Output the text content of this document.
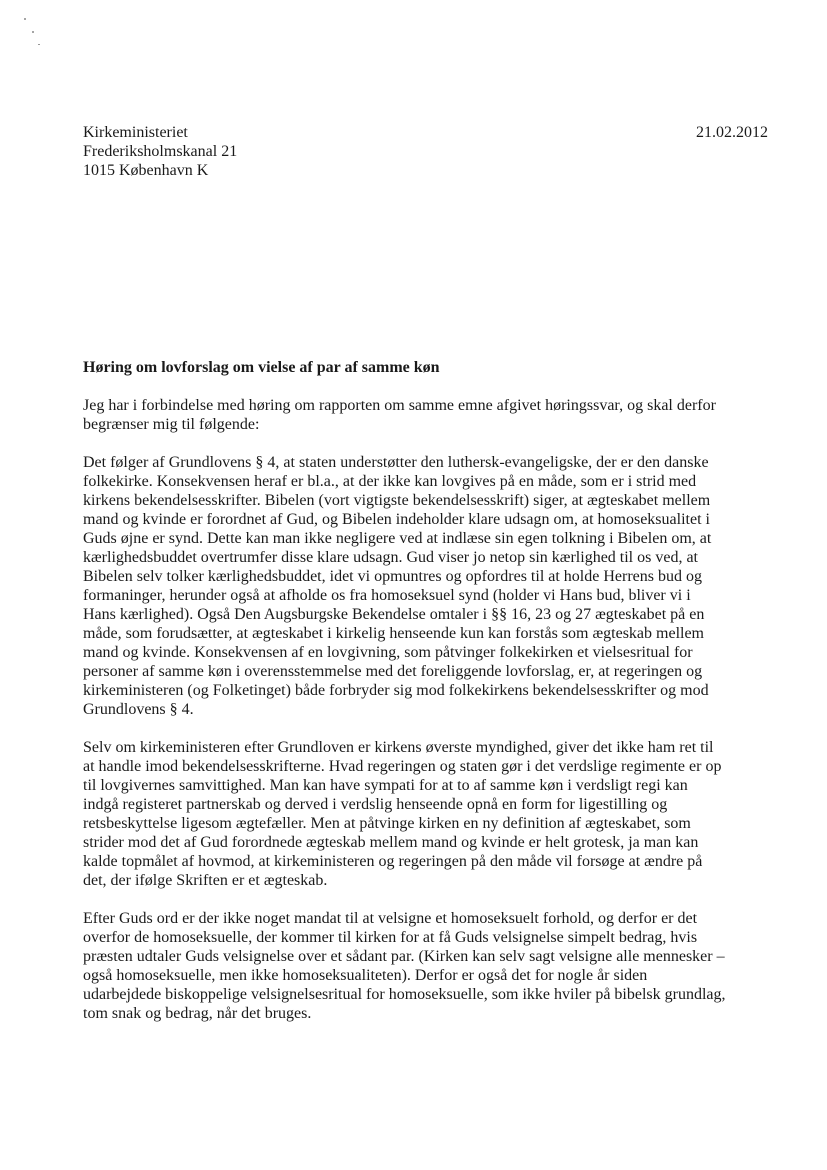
Kirkeministeriet
Frederiksholmskanal 21
1015 København K
21.02.2012
Høring om lovforslag om vielse af par af samme køn
Jeg har i forbindelse med høring om rapporten om samme emne afgivet høringssvar, og skal derfor
begrænser mig til følgende:
Det følger af Grundlovens § 4, at staten understøtter den luthersk-evangeligske, der er den danske
folkekirke. Konsekvensen heraf er bl.a., at der ikke kan lovgives på en måde, som er i strid med
kirkens bekendelsesskrifter. Bibelen (vort vigtigste bekendelsesskrift) siger, at ægteskabet mellem
mand og kvinde er forordnet af Gud, og Bibelen indeholder klare udsagn om, at homoseksualitet i
Guds øjne er synd. Dette kan man ikke negligere ved at indlæse sin egen tolkning i Bibelen om, at
kærlighedsbuddet overtrumfer disse klare udsagn. Gud viser jo netop sin kærlighed til os ved, at
Bibelen selv tolker kærlighedsbuddet, idet vi opmuntres og opfordres til at holde Herrens bud og
formaninger, herunder også at afholde os fra homoseksuel synd (holder vi Hans bud, bliver vi i
Hans kærlighed). Også Den Augsburgske Bekendelse omtaler i §§ 16, 23 og 27 ægteskabet på en
måde, som forudsætter, at ægteskabet i kirkelig henseende kun kan forstås som ægteskab mellem
mand og kvinde. Konsekvensen af en lovgivning, som påtvinger folkekirken et vielsesritual for
personer af samme køn i overensstemmelse med det foreliggende lovforslag, er, at regeringen og
kirkeministeren (og Folketinget) både forbryder sig mod folkekirkens bekendelsesskrifter og mod
Grundlovens § 4.
Selv om kirkeministeren efter Grundloven er kirkens øverste myndighed, giver det ikke ham ret til
at handle imod bekendelsesskrifterne. Hvad regeringen og staten gør i det verdslige regimente er op
til lovgivernes samvittighed. Man kan have sympati for at to af samme køn i verdsligt regi kan
indgå registeret partnerskab og derved i verdslig henseende opnå en form for ligestilling og
retsbeskyttelse ligesom ægtefæller. Men at påtvinge kirken en ny definition af ægteskabet, som
strider mod det af Gud forordnede ægteskab mellem mand og kvinde er helt grotesk, ja man kan
kalde topmålet af hovmod, at kirkeministeren og regeringen på den måde vil forsøge at ændre på
det, der ifølge Skriften er et ægteskab.
Efter Guds ord er der ikke noget mandat til at velsigne et homoseksuelt forhold, og derfor er det
overfor de homoseksuelle, der kommer til kirken for at få Guds velsignelse simpelt bedrag, hvis
præsten udtaler Guds velsignelse over et sådant par. (Kirken kan selv sagt velsigne alle mennesker –
også homoseksuelle, men ikke homoseksualiteten). Derfor er også det for nogle år siden
udarbejdede biskoppelige velsignelsesritual for homoseksuelle, som ikke hviler på bibelsk grundlag,
tom snak og bedrag, når det bruges.
